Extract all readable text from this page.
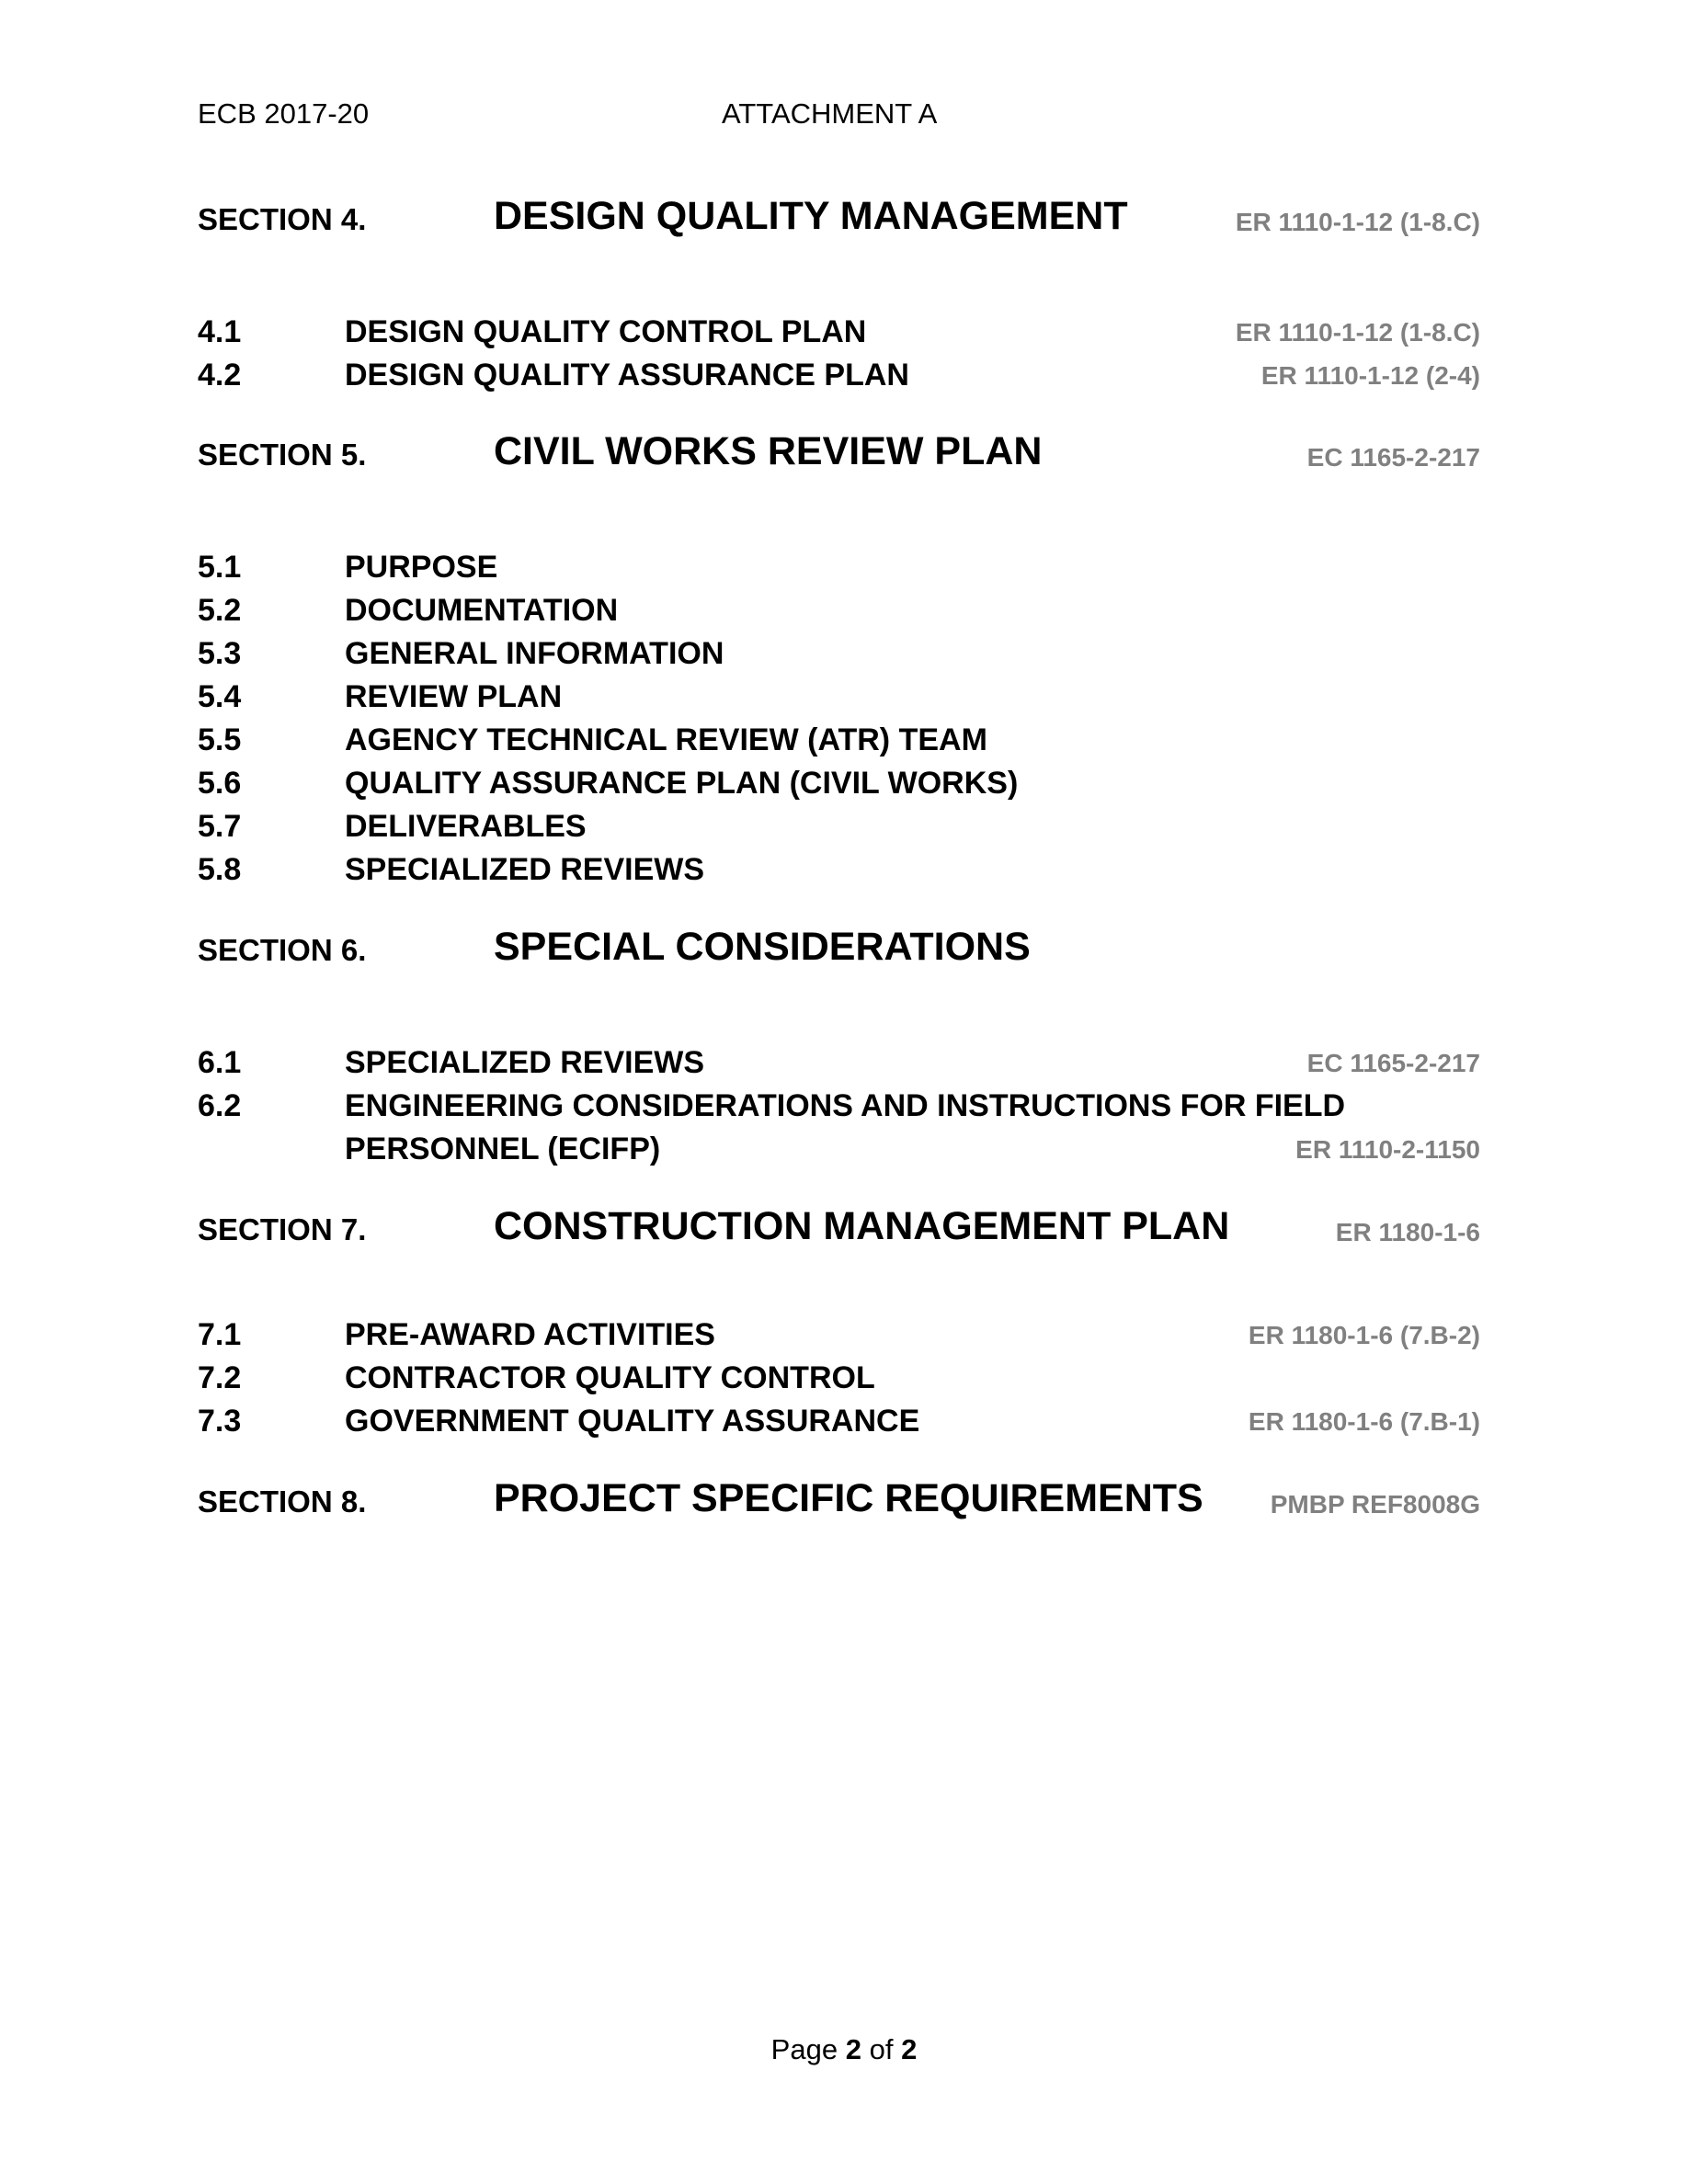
ECB 2017-20	ATTACHMENT A
SECTION 4.	DESIGN QUALITY MANAGEMENT	ER 1110-1-12 (1-8.C)
4.1	DESIGN QUALITY CONTROL PLAN	ER 1110-1-12 (1-8.C)
4.2	DESIGN QUALITY ASSURANCE PLAN	ER 1110-1-12 (2-4)
SECTION 5.	CIVIL WORKS REVIEW PLAN	EC 1165-2-217
5.1	PURPOSE
5.2	DOCUMENTATION
5.3	GENERAL INFORMATION
5.4	REVIEW PLAN
5.5	AGENCY TECHNICAL REVIEW (ATR) TEAM
5.6	QUALITY ASSURANCE PLAN (CIVIL WORKS)
5.7	DELIVERABLES
5.8	SPECIALIZED REVIEWS
SECTION 6.	SPECIAL CONSIDERATIONS
6.1	SPECIALIZED REVIEWS	EC 1165-2-217
6.2	ENGINEERING CONSIDERATIONS AND INSTRUCTIONS FOR FIELD
PERSONNEL (ECIFP)	ER 1110-2-1150
SECTION 7.	CONSTRUCTION MANAGEMENT PLAN	ER 1180-1-6
7.1	PRE-AWARD ACTIVITIES	ER 1180-1-6 (7.B-2)
7.2	CONTRACTOR QUALITY CONTROL
7.3	GOVERNMENT QUALITY ASSURANCE	ER 1180-1-6 (7.B-1)
SECTION 8.	PROJECT SPECIFIC REQUIREMENTS	PMBP REF8008G
Page 2 of 2
